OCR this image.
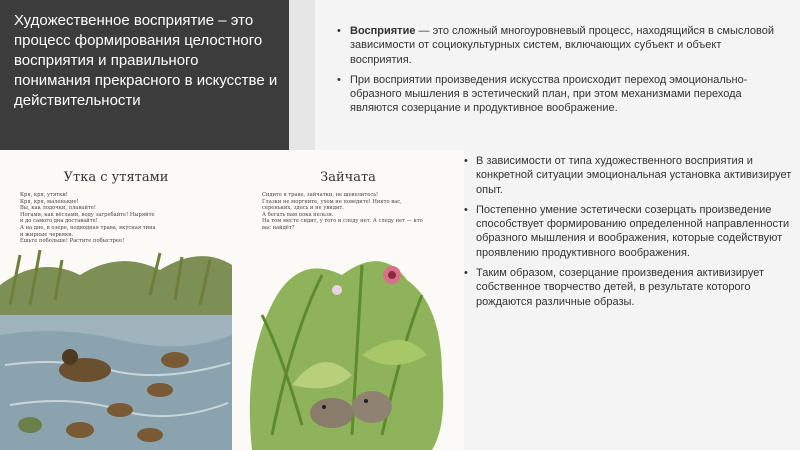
Художественное восприятие – это процесс формирования целостного восприятия и правильного понимания прекрасного в искусстве и действительности
• Восприятие — это сложный многоуровневый процесс, находящийся в смысловой зависимости от социокультурных систем, включающих субъект и объект восприятия.
• При восприятии произведения искусства происходит переход эмоционально-образного мышления в эстетический план, при этом механизмами перехода являются созерцание и продуктивное воображение.
Утка с утятами
Кря, кря, утятки!
Кря, кря, маленькие!
Вы, как лодочки, плавайте!
Ногами, как вёслами, воду загребайте! Ныряйте
и до самого дна доставайте!
А на дне, в озере, подводная трава, вкусная тина
и жирные червяки.
Ешьте побольше! Растите побыстрее!
Зайчата
Сидите в траве, зайчатки, не шевелитесь!
Глазки не моргните, ухом не поведите! Никто вас,
сереньких, здесь и не увидит.
А бегать вам пока нельзя.
На том месте сидит, у того и следу нет. А следу нет — кто
вас найдёт?
• В зависимости от типа художественного восприятия и конкретной ситуации эмоциональная установка активизирует опыт.
• Постепенно умение эстетически созерцать произведение способствует формированию определенной направленности образного мышления и воображения, которые содействуют проявлению продуктивного воображения.
• Таким образом, созерцание произведения активизирует собственное творчество детей, в результате которого рождаются различные образы.
